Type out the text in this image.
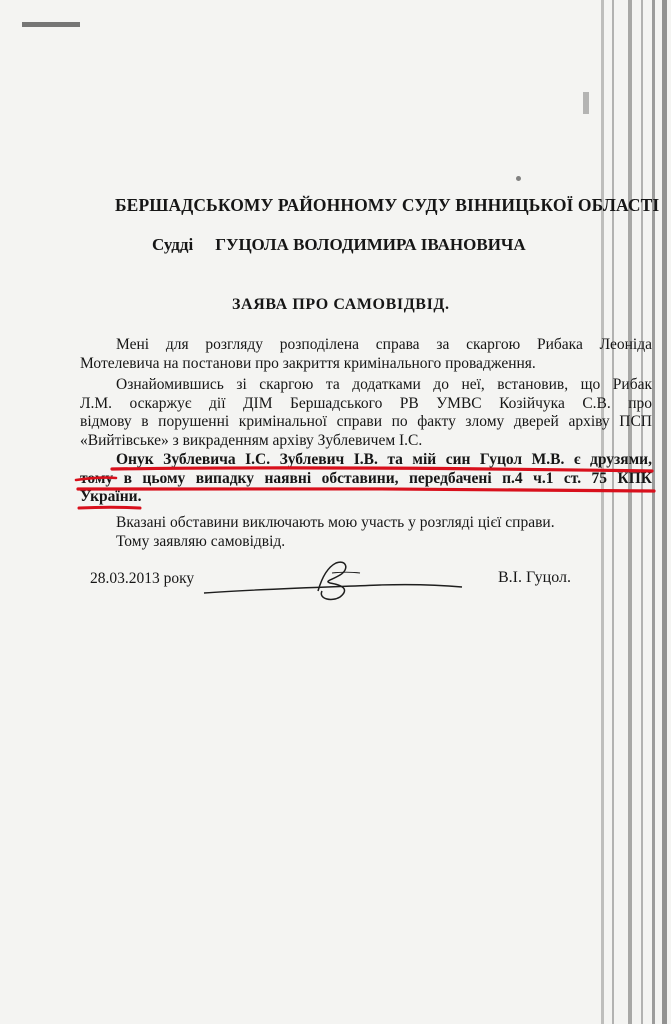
БЕРШАДСЬКОМУ РАЙОННОМУ СУДУ ВІННИЦЬКОЇ ОБЛАСТІ
Судді ГУЦОЛА ВОЛОДИМИРА ІВАНОВИЧА
ЗАЯВА ПРО САМОВІДВІД.
Мені для розгляду розподілена справа за скаргою Рибака Леоніда
Мотелевича на постанови про закриття кримінального провадження.
Ознайомившись зі скаргою та додатками до неї, встановив, що Рибак
Л.М. оскаржує дії ДІМ Бершадського РВ УМВС Козійчука С.В. про
відмову в порушенні кримінальної справи по факту злому дверей архіву ПСП
«Вийтівське» з викраденням архіву Зублевичем І.С.
Онук Зублевича І.С. Зублевич І.В. та мій син Гуцол М.В. є друзями,
тому в цьому випадку наявні обставини, передбачені п.4 ч.1 ст. 75 КПК
України.
Вказані обставини виключають мою участь у розгляді цієї справи.
Тому заявляю самовідвід.
28.03.2013 року	В.І. Гуцол.
